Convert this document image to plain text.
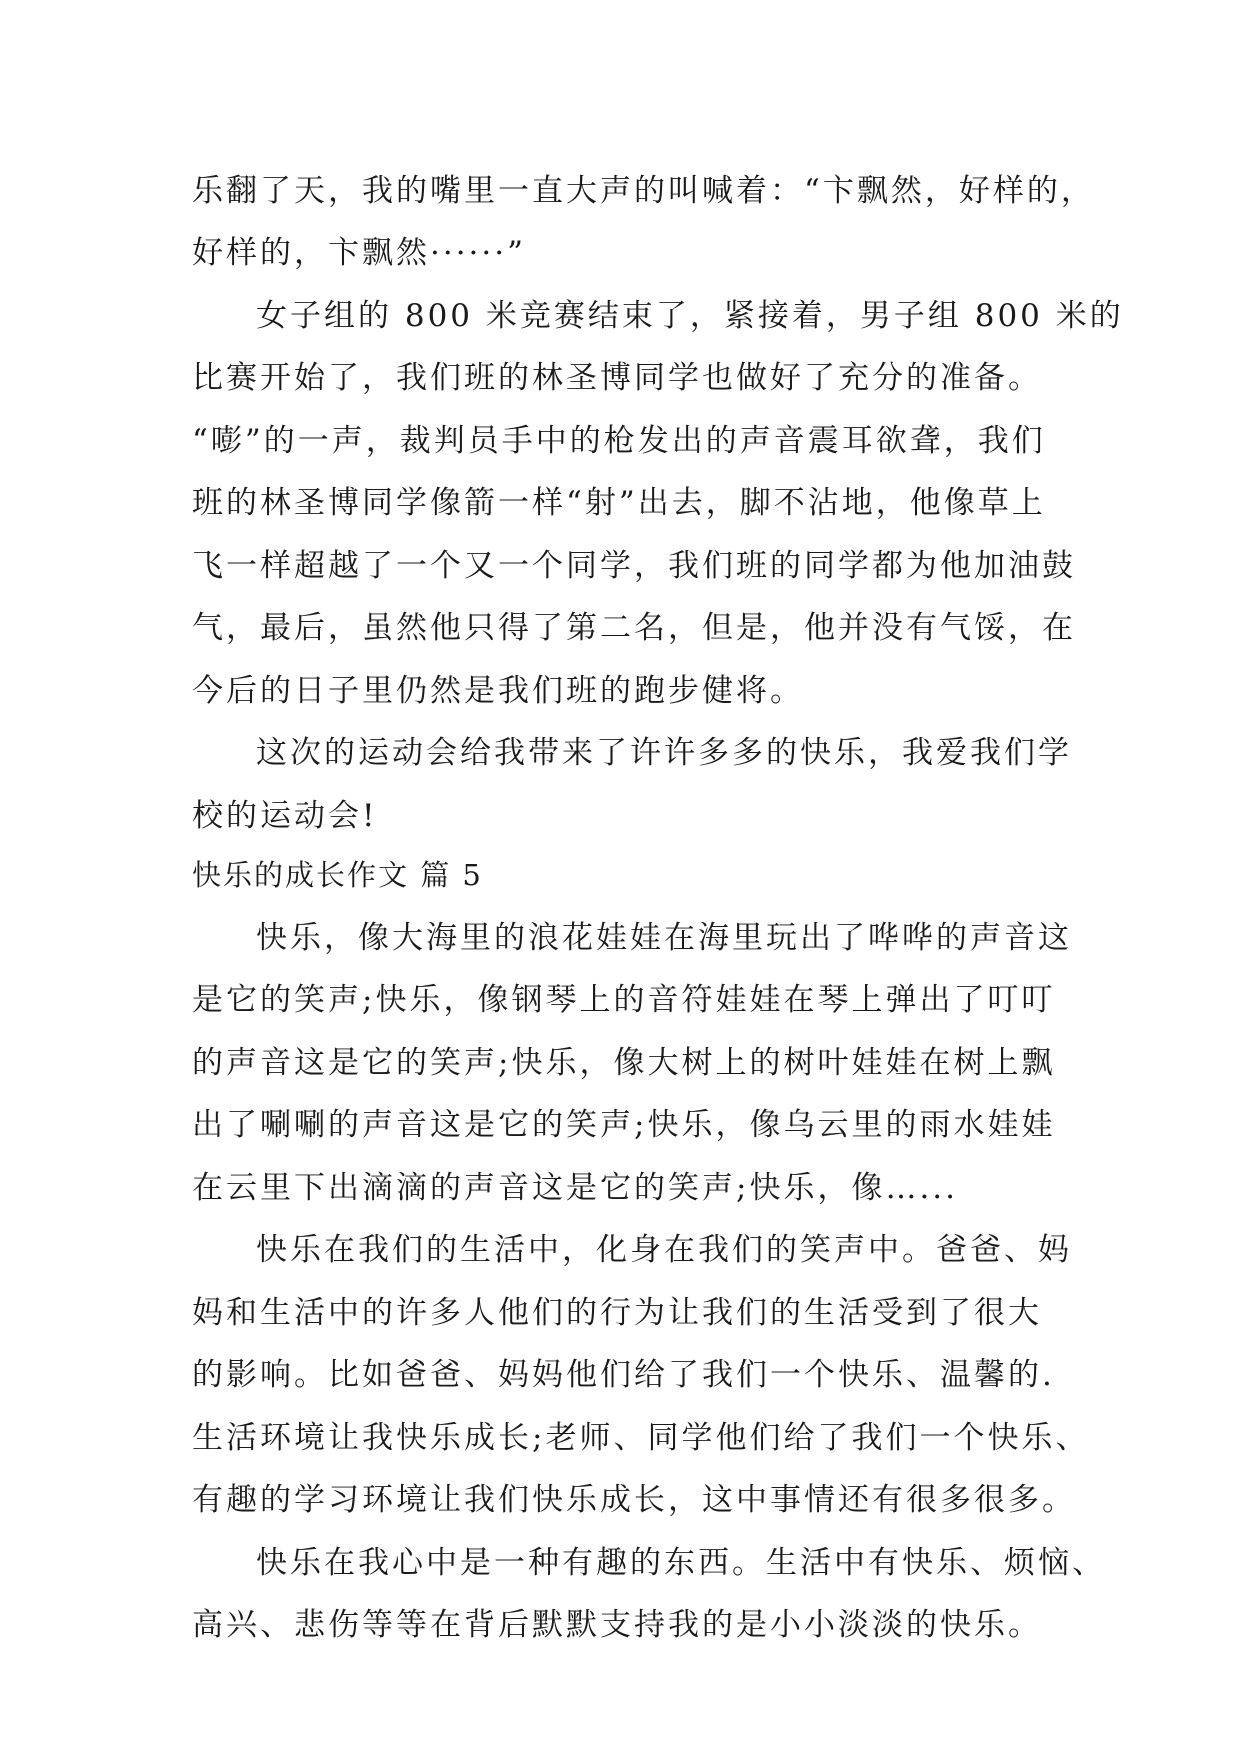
乐翻了天，我的嘴里一直大声的叫喊着：“卞飘然，好样的，
好样的，卞飘然······”
女子组的 800 米竞赛结束了，紧接着，男子组 800 米的
比赛开始了，我们班的林圣博同学也做好了充分的准备。
“嘭”的一声，裁判员手中的枪发出的声音震耳欲聋，我们
班的林圣博同学像箭一样“射”出去，脚不沾地，他像草上
飞一样超越了一个又一个同学，我们班的同学都为他加油鼓
气，最后，虽然他只得了第二名，但是，他并没有气馁，在
今后的日子里仍然是我们班的跑步健将。
这次的运动会给我带来了许许多多的快乐，我爱我们学
校的运动会!
快乐的成长作文 篇 5
快乐，像大海里的浪花娃娃在海里玩出了哗哗的声音这
是它的笑声;快乐，像钢琴上的音符娃娃在琴上弹出了叮叮
的声音这是它的笑声;快乐，像大树上的树叶娃娃在树上飘
出了唰唰的声音这是它的笑声;快乐，像乌云里的雨水娃娃
在云里下出滴滴的声音这是它的笑声;快乐，像…...
快乐在我们的生活中，化身在我们的笑声中。爸爸、妈
妈和生活中的许多人他们的行为让我们的生活受到了很大
的影响。比如爸爸、妈妈他们给了我们一个快乐、温馨的.
生活环境让我快乐成长;老师、同学他们给了我们一个快乐、
有趣的学习环境让我们快乐成长，这中事情还有很多很多。
快乐在我心中是一种有趣的东西。生活中有快乐、烦恼、
高兴、悲伤等等在背后默默支持我的是小小淡淡的快乐。
